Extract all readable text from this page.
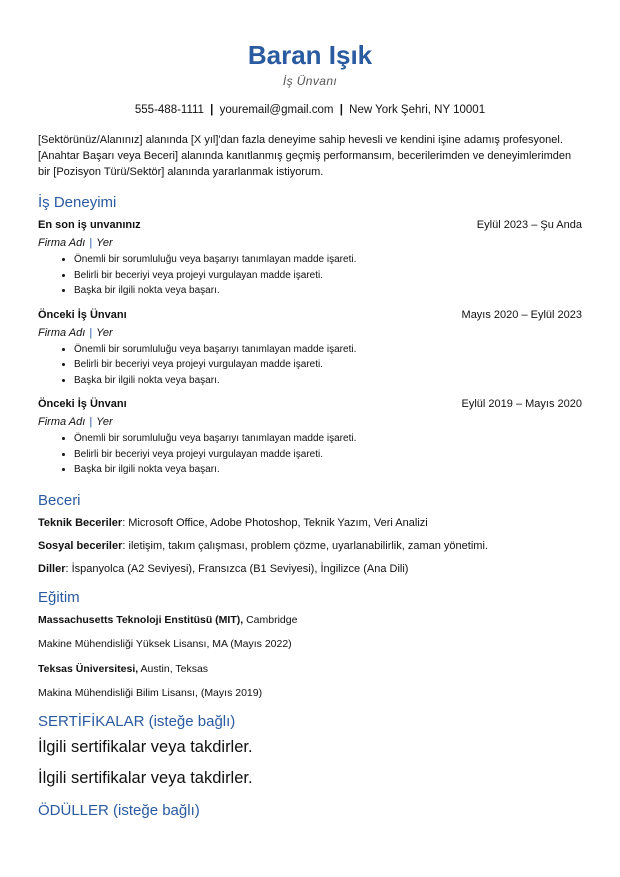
Baran Işık
İş Ünvanı
555-488-1111 | youremail@gmail.com | New York Şehri, NY 10001
[Sektörünüz/Alanınız] alanında [X yıl]'dan fazla deneyime sahip hevesli ve kendini işine adamış profesyonel. [Anahtar Başarı veya Beceri] alanında kanıtlanmış geçmiş performansım, becerilerimden ve deneyimlerimden bir [Pozisyon Türü/Sektör] alanında yararlanmak istiyorum.
İş Deneyimi
En son iş unvanınız	Eylül 2023 – Şu Anda
Firma Adı | Yer
• Önemli bir sorumluluğu veya başarıyı tanımlayan madde işareti.
• Belirli bir beceriyi veya projeyi vurgulayan madde işareti.
• Başka bir ilgili nokta veya başarı.
Önceki İş Ünvanı	Mayıs 2020 – Eylül 2023
Firma Adı | Yer
• Önemli bir sorumluluğu veya başarıyı tanımlayan madde işareti.
• Belirli bir beceriyi veya projeyi vurgulayan madde işareti.
• Başka bir ilgili nokta veya başarı.
Önceki İş Ünvanı	Eylül 2019 – Mayıs 2020
Firma Adı | Yer
• Önemli bir sorumluluğu veya başarıyı tanımlayan madde işareti.
• Belirli bir beceriyi veya projeyi vurgulayan madde işareti.
• Başka bir ilgili nokta veya başarı.
Beceri

Teknik Beceriler: Microsoft Office, Adobe Photoshop, Teknik Yazım, Veri Analizi

Sosyal beceriler: iletişim, takım çalışması, problem çözme, uyarlanabilirlik, zaman yönetimi.

Diller: İspanyolca (A2 Seviyesi), Fransızca (B1 Seviyesi), İngilizce (Ana Dili)

Eğitim
Massachusetts Teknoloji Enstitüsü (MIT), Cambridge
Makine Mühendisliği Yüksek Lisansı, MA (Mayıs 2022)
Teksas Üniversitesi, Austin, Teksas
Makina Mühendisliği Bilim Lisansı, (Mayıs 2019)
SERTİFİKALAR (isteğe bağlı)

İlgili sertifikalar veya takdirler.

İlgili sertifikalar veya takdirler.

ÖDÜLLER (isteğe bağlı)
